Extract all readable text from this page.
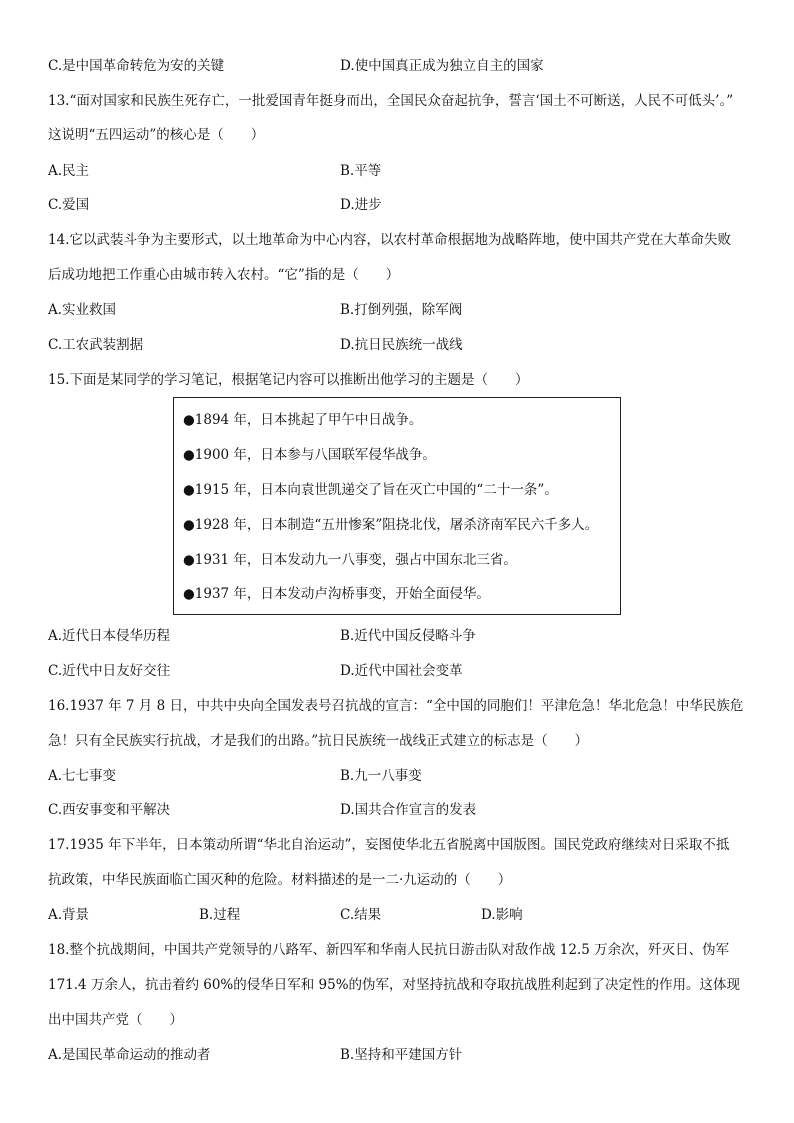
C.是中国革命转危为安的关键	D.使中国真正成为独立自主的国家
13.“面对国家和民族生死存亡，一批爱国青年挺身而出，全国民众奋起抗争，誓言‘国土不可断送，人民不可低头’。”
这说明“五四运动”的核心是（　　）
A.民主	B.平等
C.爱国	D.进步
14.它以武装斗争为主要形式，以土地革命为中心内容，以农村革命根据地为战略阵地，使中国共产党在大革命失败
后成功地把工作重心由城市转入农村。“它”指的是（　　）
A.实业救国	B.打倒列强，除军阀
C.工农武装割据	D.抗日民族统一战线
15.下面是某同学的学习笔记，根据笔记内容可以推断出他学习的主题是（　　）
●1894 年，日本挑起了甲午中日战争。
●1900 年，日本参与八国联军侵华战争。
●1915 年，日本向袁世凯递交了旨在灭亡中国的“二十一条”。
●1928 年，日本制造“五卅惨案”阻挠北伐，屠杀济南军民六千多人。
●1931 年，日本发动九一八事变，强占中国东北三省。
●1937 年，日本发动卢沟桥事变，开始全面侵华。
A.近代日本侵华历程	B.近代中国反侵略斗争
C.近代中日友好交往	D.近代中国社会变革
16.1937 年 7 月 8 日，中共中央向全国发表号召抗战的宣言：“全中国的同胞们！平津危急！华北危急！中华民族危
急！只有全民族实行抗战，才是我们的出路。”抗日民族统一战线正式建立的标志是（　　）
A.七七事变	B.九一八事变
C.西安事变和平解决	D.国共合作宣言的发表
17.1935 年下半年，日本策动所谓“华北自治运动”，妄图使华北五省脱离中国版图。国民党政府继续对日采取不抵
抗政策，中华民族面临亡国灭种的危险。材料描述的是一二·九运动的（　　）
A.背景	B.过程	C.结果	D.影响
18.整个抗战期间，中国共产党领导的八路军、新四军和华南人民抗日游击队对敌作战 12.5 万余次，歼灭日、伪军
171.4 万余人，抗击着约 60%的侵华日军和 95%的伪军，对坚持抗战和夺取抗战胜利起到了决定性的作用。这体现
出中国共产党（　　）
A.是国民革命运动的推动者	B.坚持和平建国方针
